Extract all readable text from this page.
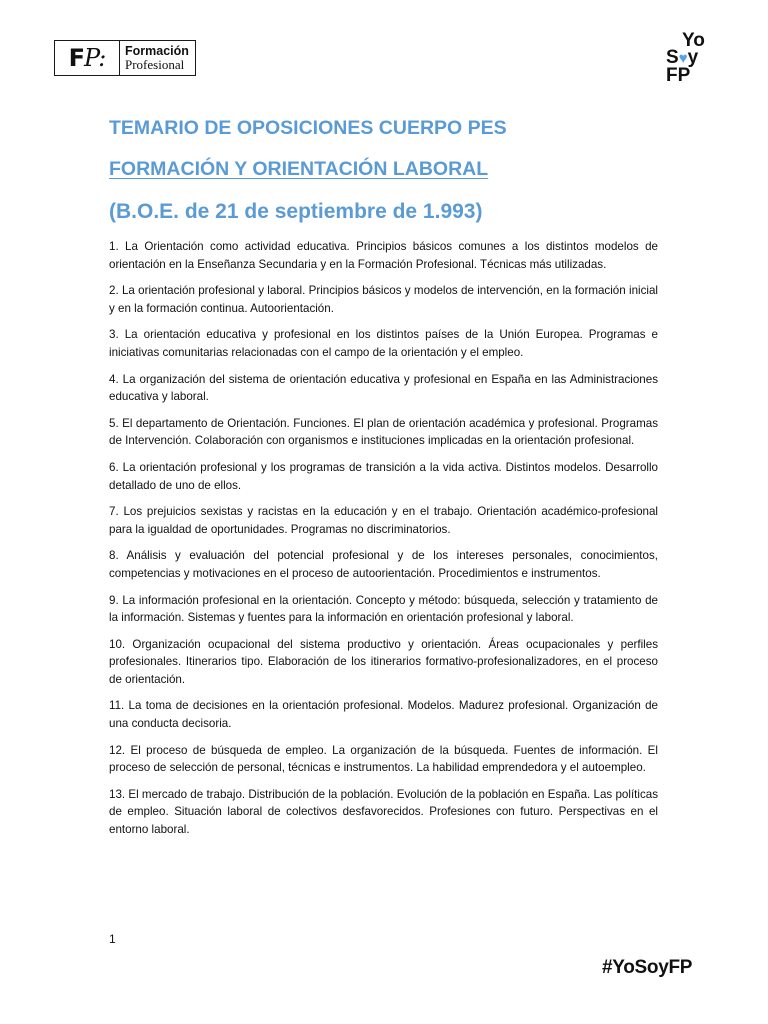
F P: Formación
Profesional
Yo
S♥y
FP
TEMARIO DE OPOSICIONES CUERPO PES
FORMACIÓN Y ORIENTACIÓN LABORAL
(B.O.E. de 21 de septiembre de 1.993)

1. La Orientación como actividad educativa. Principios básicos comunes a los distintos modelos de orientación en la Enseñanza Secundaria y en la Formación Profesional. Técnicas más utilizadas.

2. La orientación profesional y laboral. Principios básicos y modelos de intervención, en la formación inicial y en la formación continua. Autoorientación.

3. La orientación educativa y profesional en los distintos países de la Unión Europea. Programas e iniciativas comunitarias relacionadas con el campo de la orientación y el empleo.

4. La organización del sistema de orientación educativa y profesional en España en las Administraciones educativa y laboral.

5. El departamento de Orientación. Funciones. El plan de orientación académica y profesional. Programas de Intervención. Colaboración con organismos e instituciones implicadas en la orientación profesional.

6. La orientación profesional y los programas de transición a la vida activa. Distintos modelos. Desarrollo detallado de uno de ellos.

7. Los prejuicios sexistas y racistas en la educación y en el trabajo. Orientación académico-profesional para la igualdad de oportunidades. Programas no discriminatorios.

8. Análisis y evaluación del potencial profesional y de los intereses personales, conocimientos, competencias y motivaciones en el proceso de autoorientación. Procedimientos e instrumentos.

9. La información profesional en la orientación. Concepto y método: búsqueda, selección y tratamiento de la información. Sistemas y fuentes para la información en orientación profesional y laboral.

10. Organización ocupacional del sistema productivo y orientación. Áreas ocupacionales y perfiles profesionales. Itinerarios tipo. Elaboración de los itinerarios formativo-profesionalizadores, en el proceso de orientación.

11. La toma de decisiones en la orientación profesional. Modelos. Madurez profesional. Organización de una conducta decisoria.

12. El proceso de búsqueda de empleo. La organización de la búsqueda. Fuentes de información. El proceso de selección de personal, técnicas e instrumentos. La habilidad emprendedora y el autoempleo.

13. El mercado de trabajo. Distribución de la población. Evolución de la población en España. Las políticas de empleo. Situación laboral de colectivos desfavorecidos. Profesiones con futuro. Perspectivas en el entorno laboral.

1
#YoSoyFP
